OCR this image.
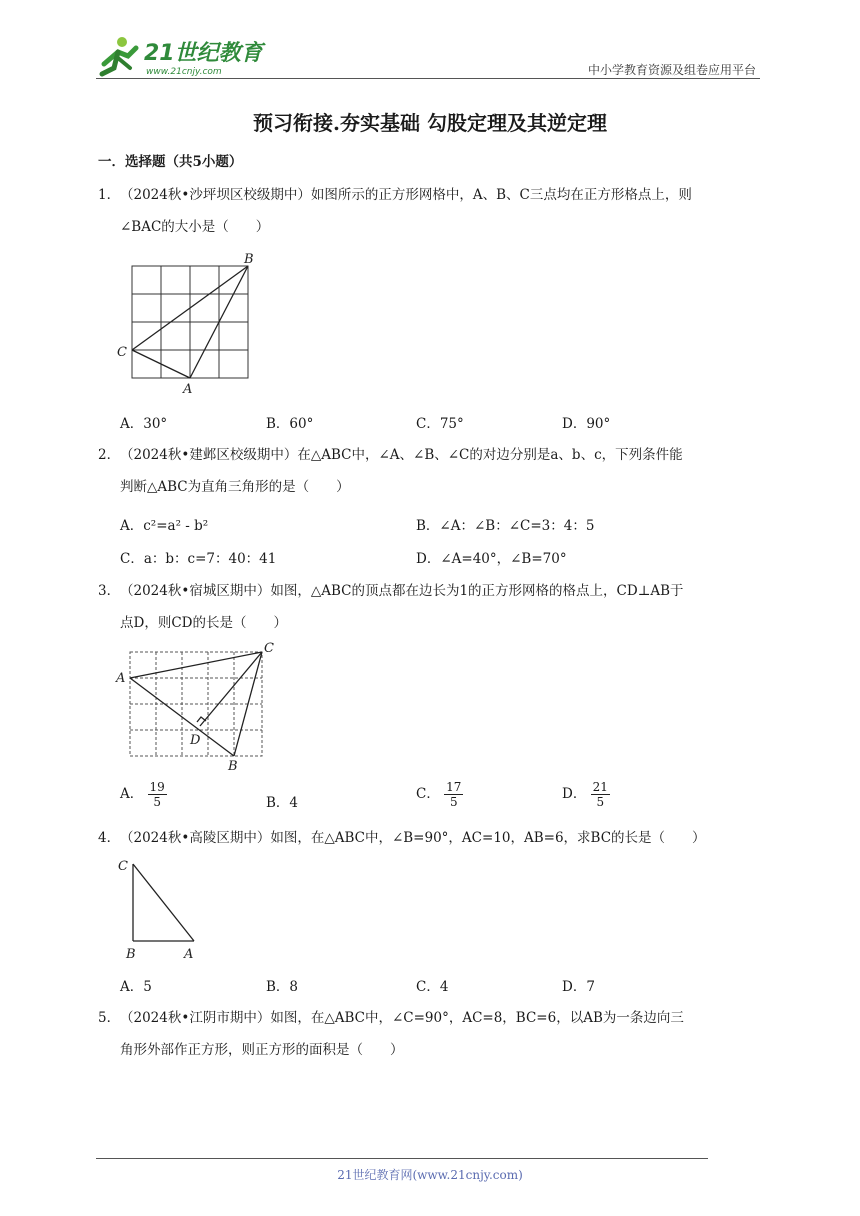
21世纪教育
www.21cnjy.com	中小学教育资源及组卷应用平台
预习衔接.夯实基础 勾股定理及其逆定理
一．选择题（共5小题）
1． （2024秋•沙坪坝区校级期中）如图所示的正方形网格中，A、B、C三点均在正方形格点上，则
∠BAC的大小是（　　）
B
C
A
A．30°	B．60°	C．75°	D．90°
2． （2024秋•建邺区校级期中）在△ABC中，∠A、∠B、∠C的对边分别是a、b、c，下列条件能
判断△ABC为直角三角形的是（　　）
A．c²=a² - b²	B．∠A：∠B：∠C=3：4：5
C．a：b：c=7：40：41	D．∠A=40°，∠B=70°
3． （2024秋•宿城区期中）如图，△ABC的顶点都在边长为1的正方形网格的格点上，CD⊥AB于
点D，则CD的长是（　　）
A
C
D
B
A． $\frac{19}{5}$	B．4
C． $\frac{17}{5}$	D． $\frac{21}{5}$
4． （2024秋•高陵区期中）如图，在△ABC中，∠B=90°，AC=10，AB=6，求BC的长是（　　）
C
B	A
A．5	B．8	C．4	D．7
5． （2024秋•江阴市期中）如图，在△ABC中，∠C=90°，AC=8，BC=6，以AB为一条边向三
角形外部作正方形，则正方形的面积是（　　）
21世纪教育网(www.21cnjy.com)
